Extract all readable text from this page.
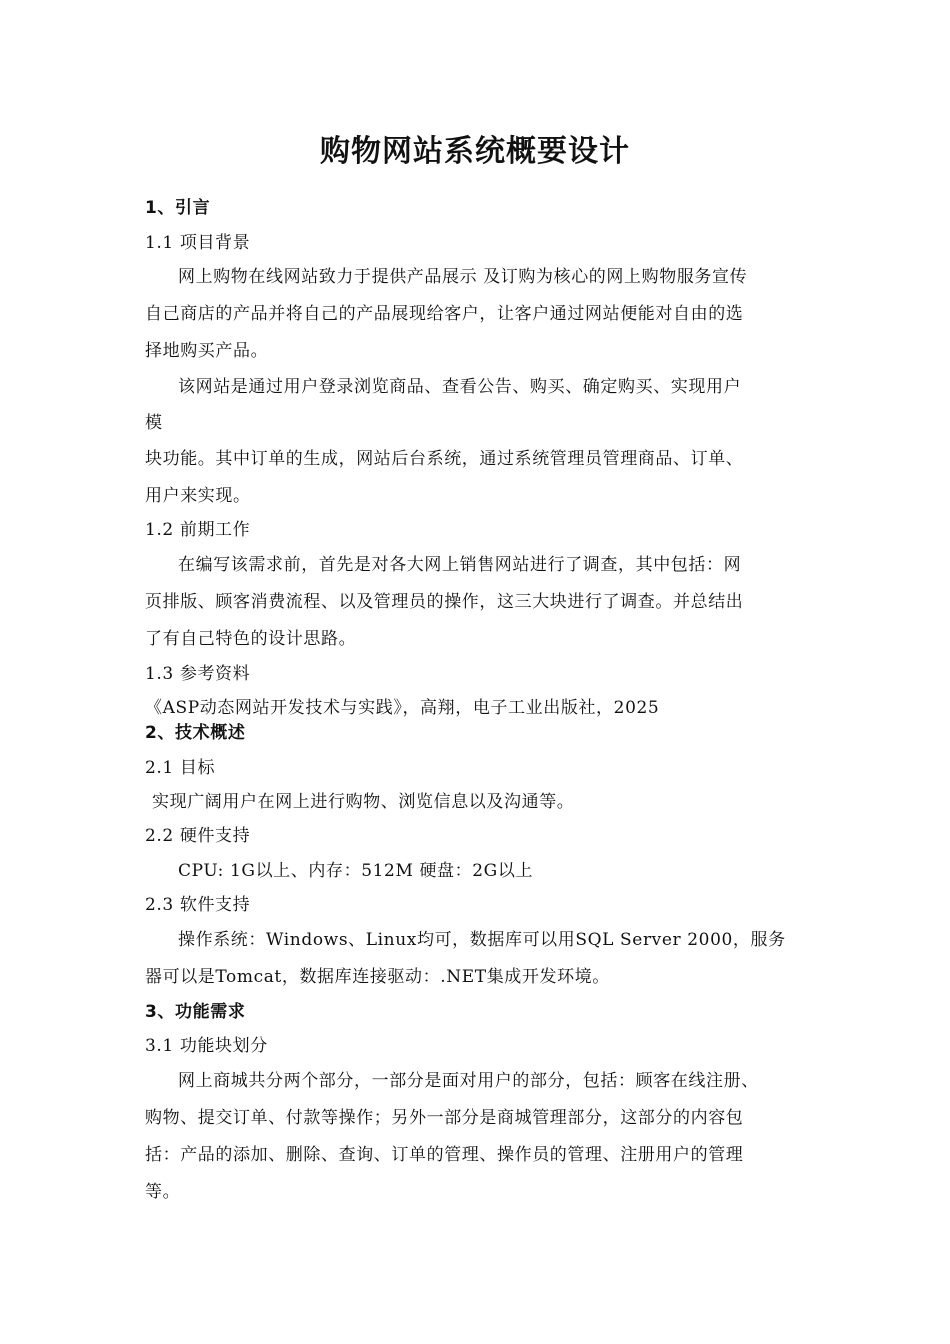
购物网站系统概要设计
1、引言
1.1 项目背景
网上购物在线网站致力于提供产品展示 及订购为核心的网上购物服务宣传
自己商店的产品并将自己的产品展现给客户，让客户通过网站便能对自由的选
择地购买产品。
该网站是通过用户登录浏览商品、查看公告、购买、确定购买、实现用户
模
块功能。其中订单的生成，网站后台系统，通过系统管理员管理商品、订单、
用户来实现。
1.2 前期工作
在编写该需求前，首先是对各大网上销售网站进行了调查，其中包括：网
页排版、顾客消费流程、以及管理员的操作，这三大块进行了调查。并总结出
了有自己特色的设计思路。
1.3 参考资料
《ASP动态网站开发技术与实践》，高翔，电子工业出版社，2025
2、技术概述
2.1 目标
实现广阔用户在网上进行购物、浏览信息以及沟通等。
2.2 硬件支持
CPU: 1G以上、内存：512M 硬盘：2G以上
2.3 软件支持
操作系统：Windows、Linux均可，数据库可以用SQL Server 2000，服务
器可以是Tomcat，数据库连接驱动：.NET集成开发环境。
3、功能需求
3.1 功能块划分
网上商城共分两个部分，一部分是面对用户的部分，包括：顾客在线注册、
购物、提交订单、付款等操作；另外一部分是商城管理部分，这部分的内容包
括：产品的添加、删除、查询、订单的管理、操作员的管理、注册用户的管理
等。
